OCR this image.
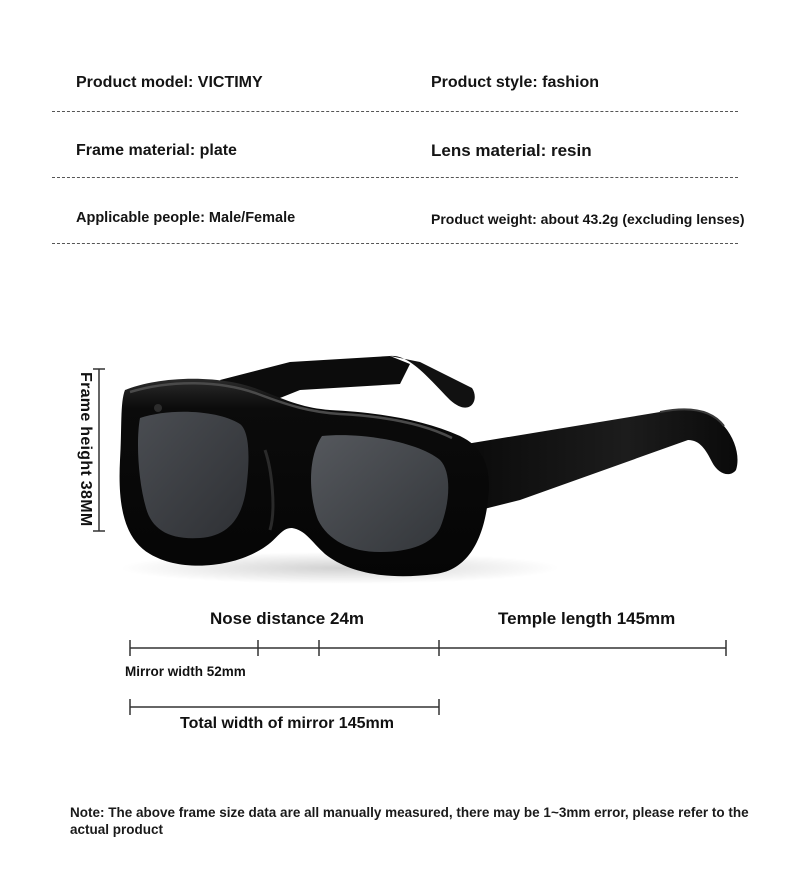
Product model: VICTIMY	Product style: fashion
Frame material: plate	Lens material: resin
Applicable people: Male/Female	Product weight: about 43.2g (excluding lenses)
Frame height 38MM
Nose distance 24m	Temple length 145mm
Mirror width 52mm
Total width of mirror 145mm
Note: The above frame size data are all manually measured, there may be 1~3mm error, please refer to the actual product
